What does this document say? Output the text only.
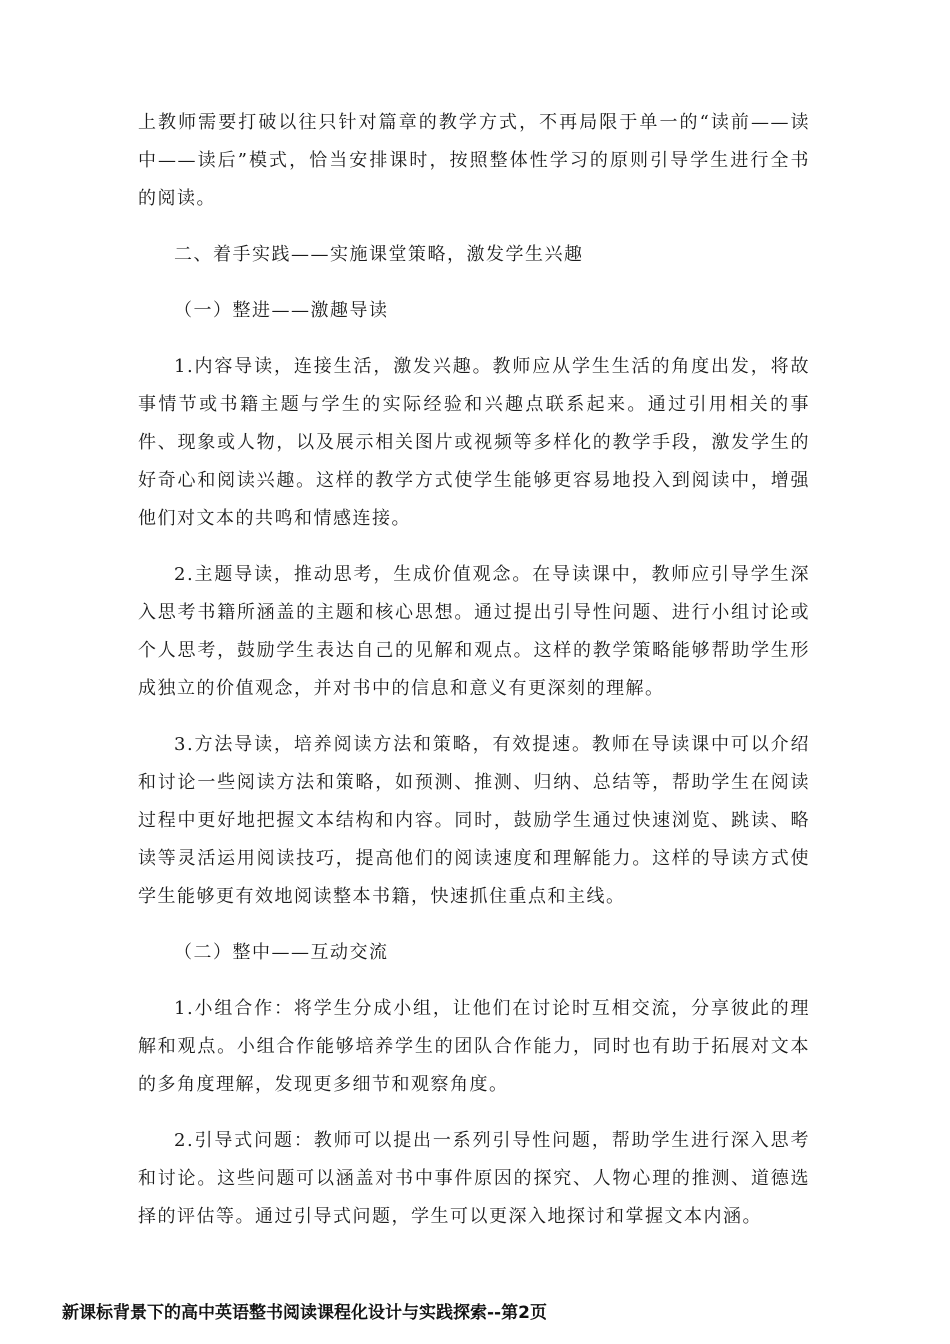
上教师需要打破以往只针对篇章的教学方式，不再局限于单一的“读前——读中——读后”模式，恰当安排课时，按照整体性学习的原则引导学生进行全书的阅读。

二、着手实践——实施课堂策略，激发学生兴趣

（一）整进——激趣导读

1.内容导读，连接生活，激发兴趣。教师应从学生生活的角度出发，将故事情节或书籍主题与学生的实际经验和兴趣点联系起来。通过引用相关的事件、现象或人物，以及展示相关图片或视频等多样化的教学手段，激发学生的好奇心和阅读兴趣。这样的教学方式使学生能够更容易地投入到阅读中，增强他们对文本的共鸣和情感连接。

2.主题导读，推动思考，生成价值观念。在导读课中，教师应引导学生深入思考书籍所涵盖的主题和核心思想。通过提出引导性问题、进行小组讨论或个人思考，鼓励学生表达自己的见解和观点。这样的教学策略能够帮助学生形成独立的价值观念，并对书中的信息和意义有更深刻的理解。

3.方法导读，培养阅读方法和策略，有效提速。教师在导读课中可以介绍和讨论一些阅读方法和策略，如预测、推测、归纳、总结等，帮助学生在阅读过程中更好地把握文本结构和内容。同时，鼓励学生通过快速浏览、跳读、略读等灵活运用阅读技巧，提高他们的阅读速度和理解能力。这样的导读方式使学生能够更有效地阅读整本书籍，快速抓住重点和主线。

（二）整中——互动交流

1.小组合作：将学生分成小组，让他们在讨论时互相交流，分享彼此的理解和观点。小组合作能够培养学生的团队合作能力，同时也有助于拓展对文本的多角度理解，发现更多细节和观察角度。

2.引导式问题：教师可以提出一系列引导性问题，帮助学生进行深入思考和讨论。这些问题可以涵盖对书中事件原因的探究、人物心理的推测、道德选择的评估等。通过引导式问题，学生可以更深入地探讨和掌握文本内涵。

新课标背景下的高中英语整书阅读课程化设计与实践探索--第2页
